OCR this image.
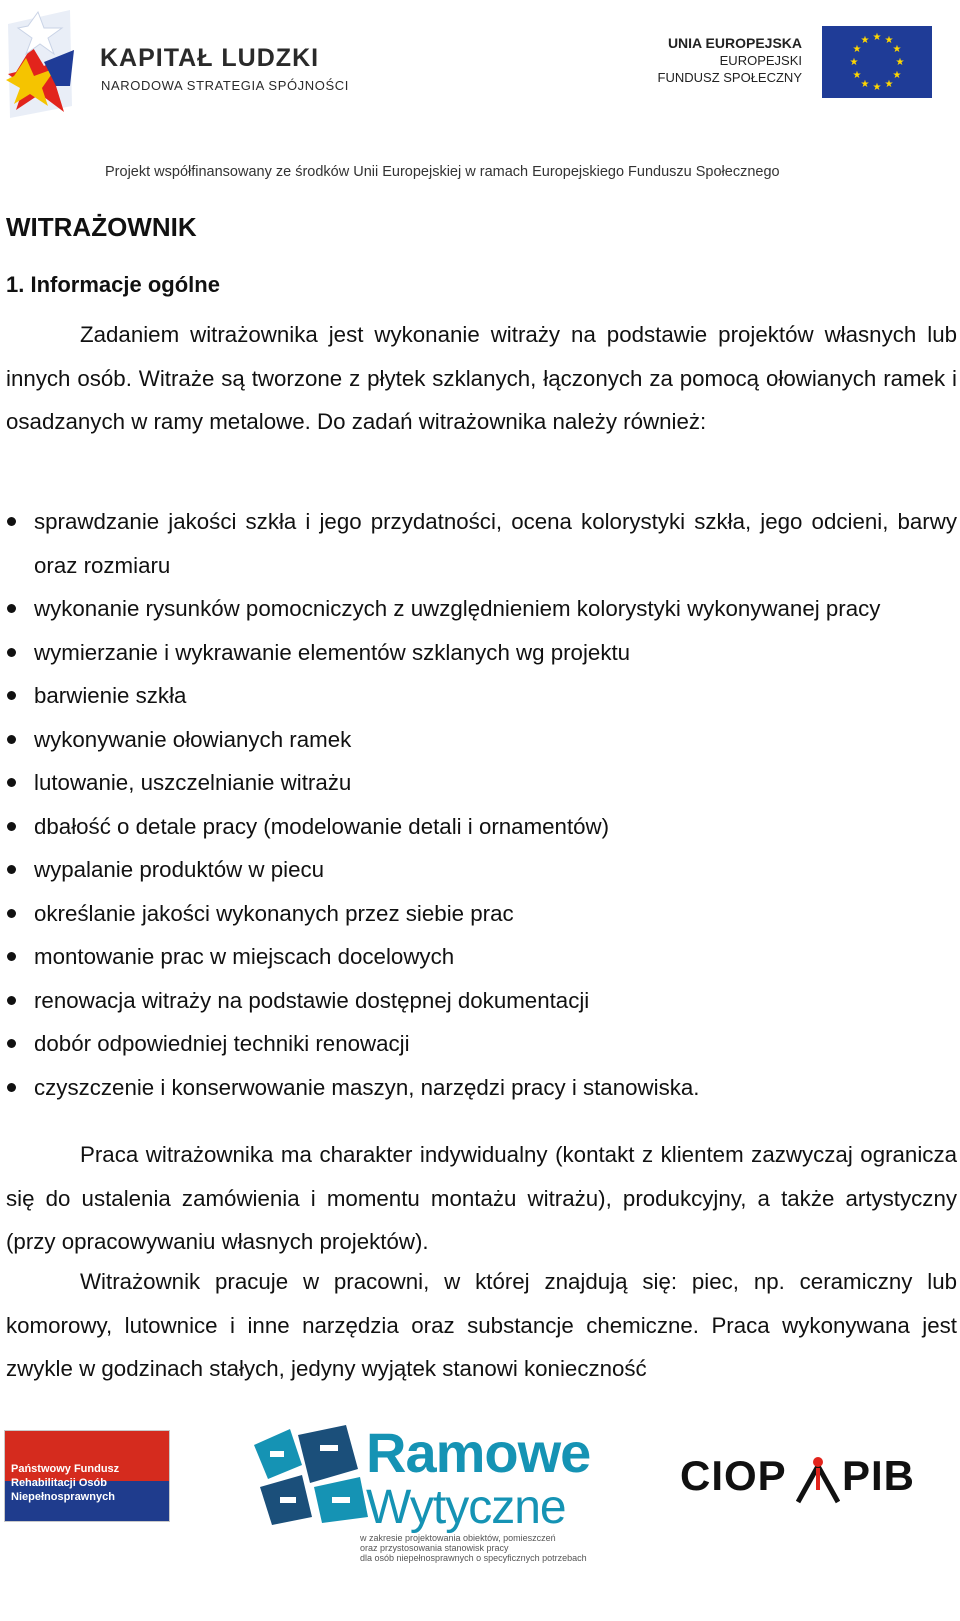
KAPITAŁ LUDZKI
NARODOWA STRATEGIA SPÓJNOŚCI
UNIA EUROPEJSKA
EUROPEJSKI
FUNDUSZ SPOŁECZNY
★ ★
★
★
★
★
★
★
★
★
★
★
Projekt współfinansowany ze środków Unii Europejskiej w ramach Europejskiego Funduszu Społecznego
WITRAŻOWNIK
1. Informacje ogólne

Zadaniem witrażownika jest wykonanie witraży na podstawie projektów własnych lub innych osób. Witraże są tworzone z płytek szklanych, łączonych za pomocą ołowianych ramek i osadzanych w ramy metalowe. Do zadań witrażownika należy również:

sprawdzanie jakości szkła i jego przydatności, ocena kolorystyki szkła, jego odcieni, barwy oraz rozmiaru
wykonanie rysunków pomocniczych z uwzględnieniem kolorystyki wykonywanej pracy
wymierzanie i wykrawanie elementów szklanych wg projektu
barwienie szkła
wykonywanie ołowianych ramek
lutowanie, uszczelnianie witrażu
dbałość o detale pracy (modelowanie detali i ornamentów)
wypalanie produktów w piecu
określanie jakości wykonanych przez siebie prac
montowanie prac w miejscach docelowych
renowacja witraży na podstawie dostępnej dokumentacji
dobór odpowiedniej techniki renowacji
czyszczenie i konserwowanie maszyn, narzędzi pracy i stanowiska.

Praca witrażownika ma charakter indywidualny (kontakt z klientem zazwyczaj ogranicza się do ustalenia zamówienia i momentu montażu witrażu), produkcyjny, a także artystyczny (przy opracowywaniu własnych projektów).

Witrażownik pracuje w pracowni, w której znajdują się: piec, np. ceramiczny lub komorowy, lutownice i inne narzędzia oraz substancje chemiczne. Praca wykonywana jest zwykle w godzinach stałych, jedyny wyjątek stanowi konieczność

Państwowy Fundusz
Rehabilitacji Osób
Niepełnosprawnych
Ramowe
Wytyczne
w zakresie projektowania obiektów, pomieszczeń
oraz przystosowania stanowisk pracy
dla osób niepełnosprawnych o specyficznych potrzebach
CIOP PIB
